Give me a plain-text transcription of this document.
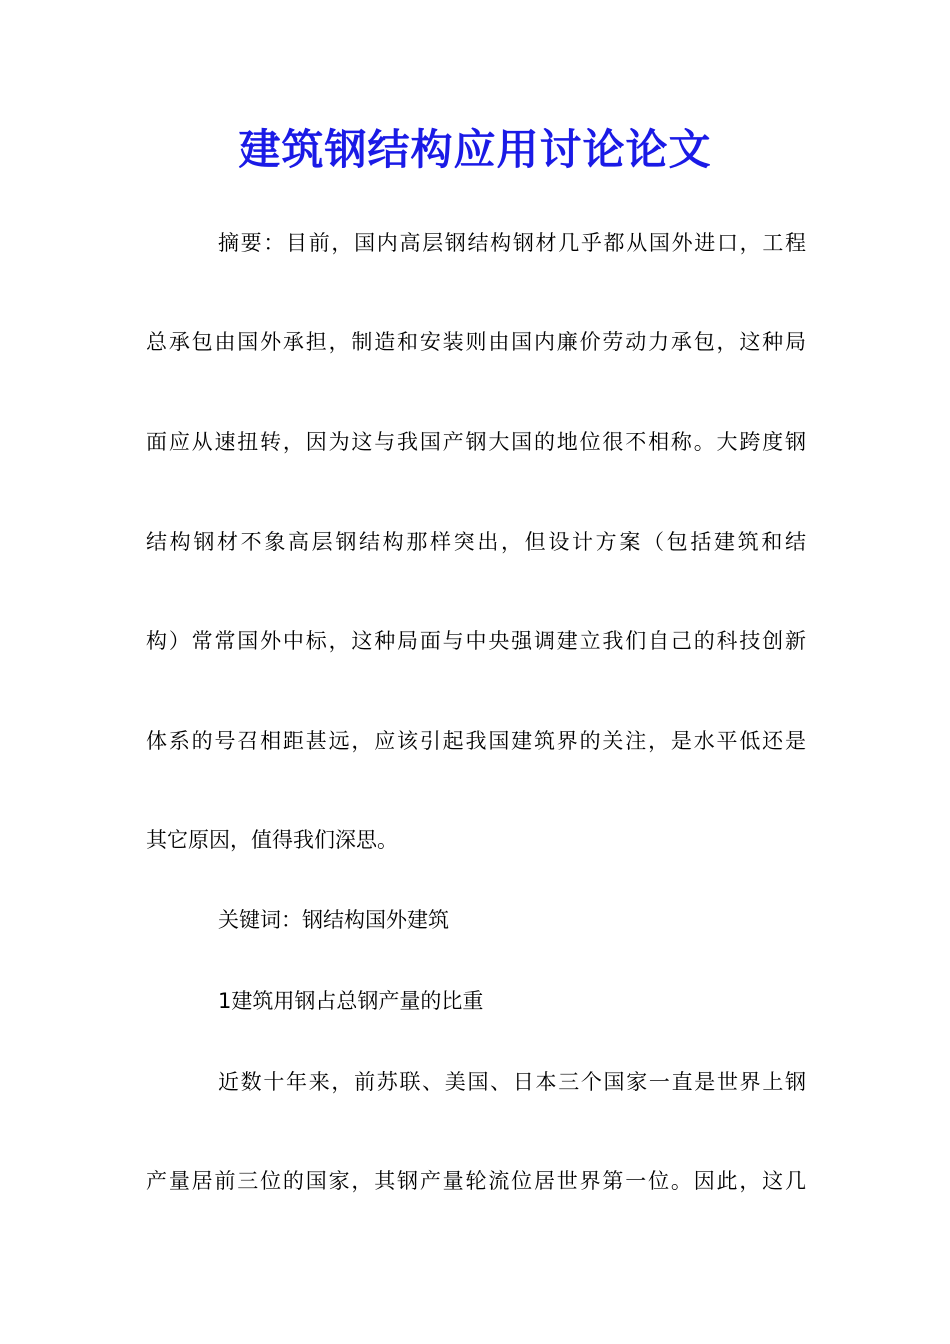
建筑钢结构应用讨论论文
摘要：目前，国内高层钢结构钢材几乎都从国外进口，工程
总承包由国外承担，制造和安装则由国内廉价劳动力承包，这种局
面应从速扭转，因为这与我国产钢大国的地位很不相称。大跨度钢
结构钢材不象高层钢结构那样突出，但设计方案（包括建筑和结
构）常常国外中标，这种局面与中央强调建立我们自己的科技创新
体系的号召相距甚远，应该引起我国建筑界的关注，是水平低还是
其它原因，值得我们深思。
关键词：钢结构国外建筑
1建筑用钢占总钢产量的比重
近数十年来，前苏联、美国、日本三个国家一直是世界上钢
产量居前三位的国家，其钢产量轮流位居世界第一位。因此，这几
